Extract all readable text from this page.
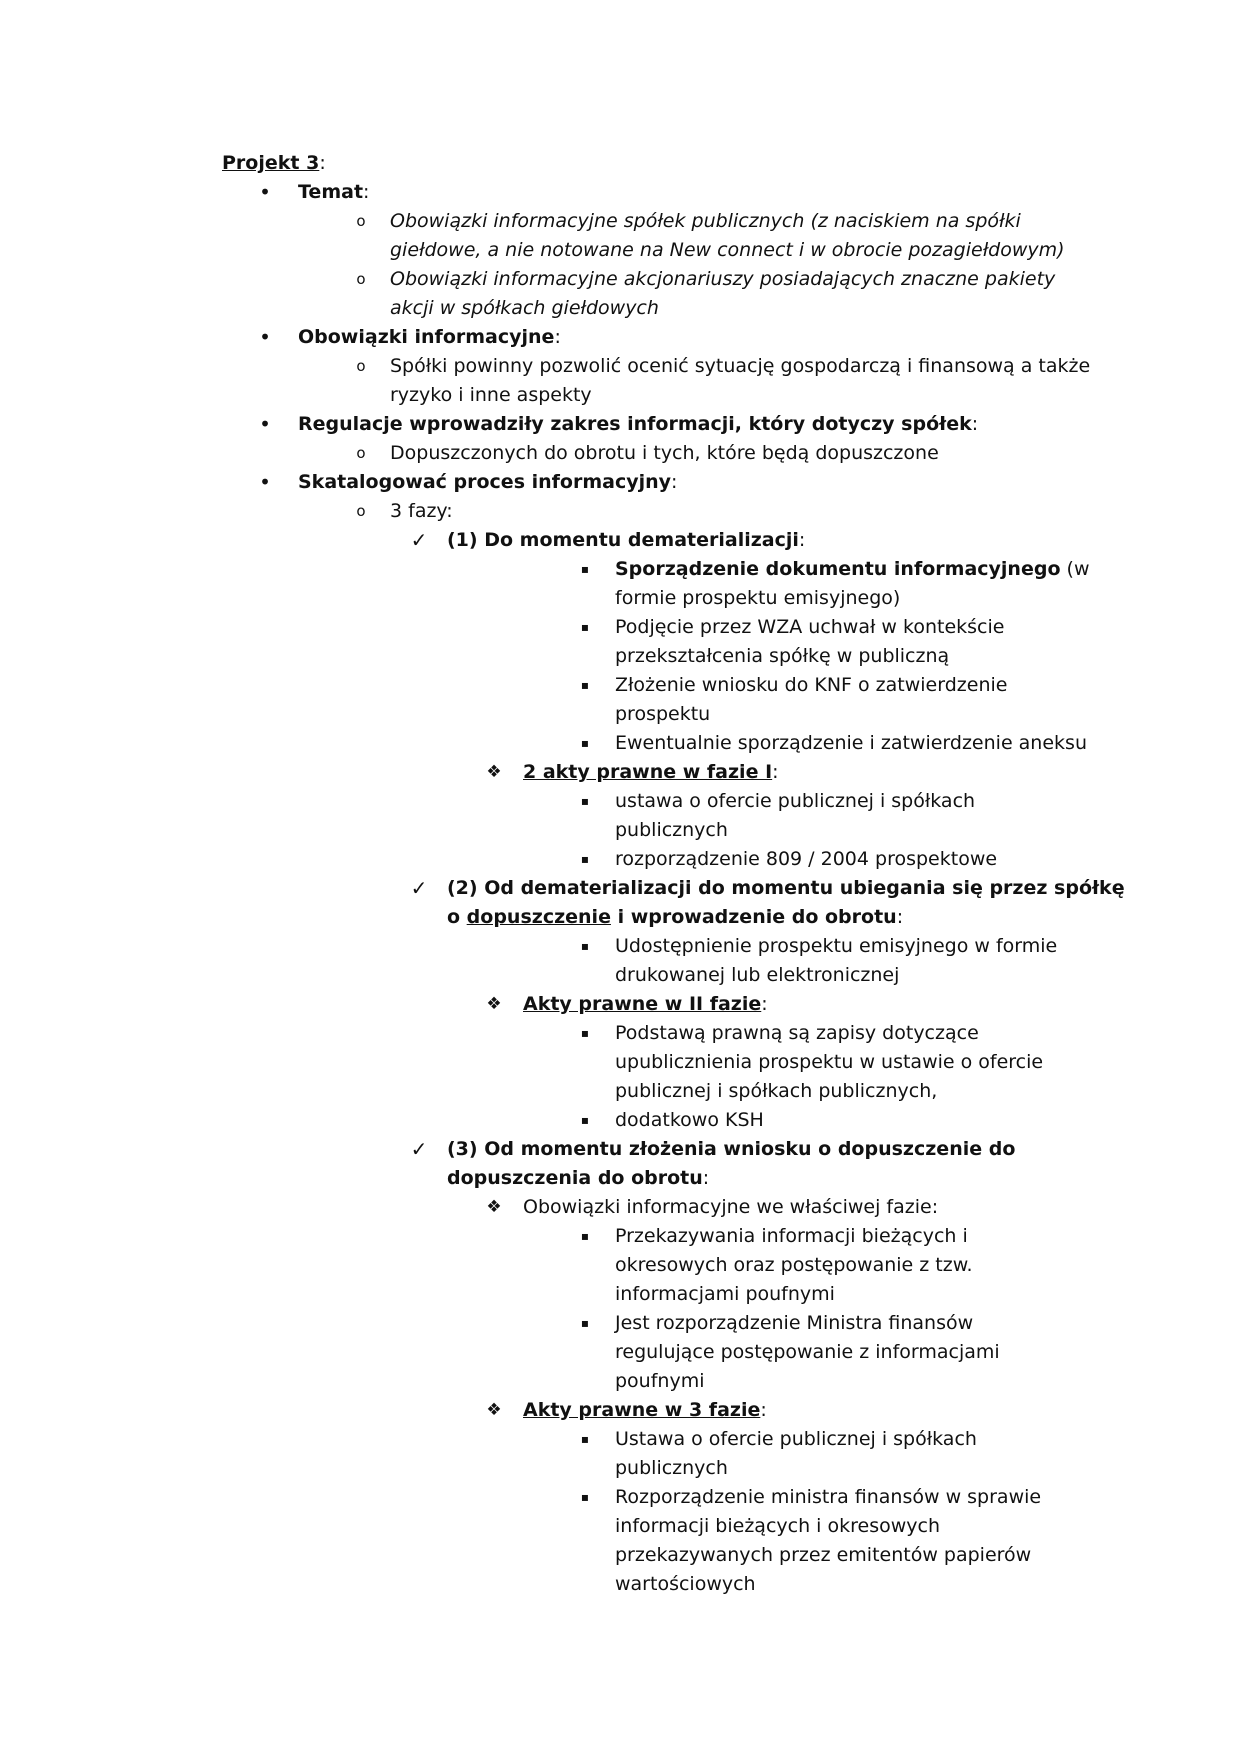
Projekt 3:
•	Temat:
o	Obowiązki informacyjne spółek publicznych (z naciskiem na spółki
giełdowe, a nie notowane na New connect i w obrocie pozagiełdowym)
o	Obowiązki informacyjne akcjonariuszy posiadających znaczne pakiety
akcji w spółkach giełdowych
•	Obowiązki informacyjne:
o	Spółki powinny pozwolić ocenić sytuację gospodarczą i finansową a także
ryzyko i inne aspekty
•	Regulacje wprowadziły zakres informacji, który dotyczy spółek:
o	Dopuszczonych do obrotu i tych, które będą dopuszczone
•	Skatalogować proces informacyjny:
o	3 fazy:
✓ (1) Do momentu dematerializacji:
▪	Sporządzenie dokumentu informacyjnego (w
formie prospektu emisyjnego)
▪	Podjęcie przez WZA uchwał w kontekście
przekształcenia spółkę w publiczną
▪	Złożenie wniosku do KNF o zatwierdzenie
prospektu
▪	Ewentualnie sporządzenie i zatwierdzenie aneksu
❖ 2 akty prawne w fazie I:
▪	ustawa o ofercie publicznej i spółkach
publicznych
▪	rozporządzenie 809 / 2004 prospektowe
✓ (2) Od dematerializacji do momentu ubiegania się przez spółkę
o dopuszczenie i wprowadzenie do obrotu:
▪	Udostępnienie prospektu emisyjnego w formie
drukowanej lub elektronicznej
❖ Akty prawne w II fazie:
▪	Podstawą prawną są zapisy dotyczące
upublicznienia prospektu w ustawie o ofercie
publicznej i spółkach publicznych,
▪	dodatkowo KSH
✓ (3) Od momentu złożenia wniosku o dopuszczenie do
dopuszczenia do obrotu:
❖ Obowiązki informacyjne we właściwej fazie:
▪	Przekazywania informacji bieżących i
okresowych oraz postępowanie z tzw.
informacjami poufnymi
▪	Jest rozporządzenie Ministra finansów
regulujące postępowanie z informacjami
poufnymi
❖ Akty prawne w 3 fazie:
▪	Ustawa o ofercie publicznej i spółkach
publicznych
▪	Rozporządzenie ministra finansów w sprawie
informacji bieżących i okresowych
przekazywanych przez emitentów papierów
wartościowych
